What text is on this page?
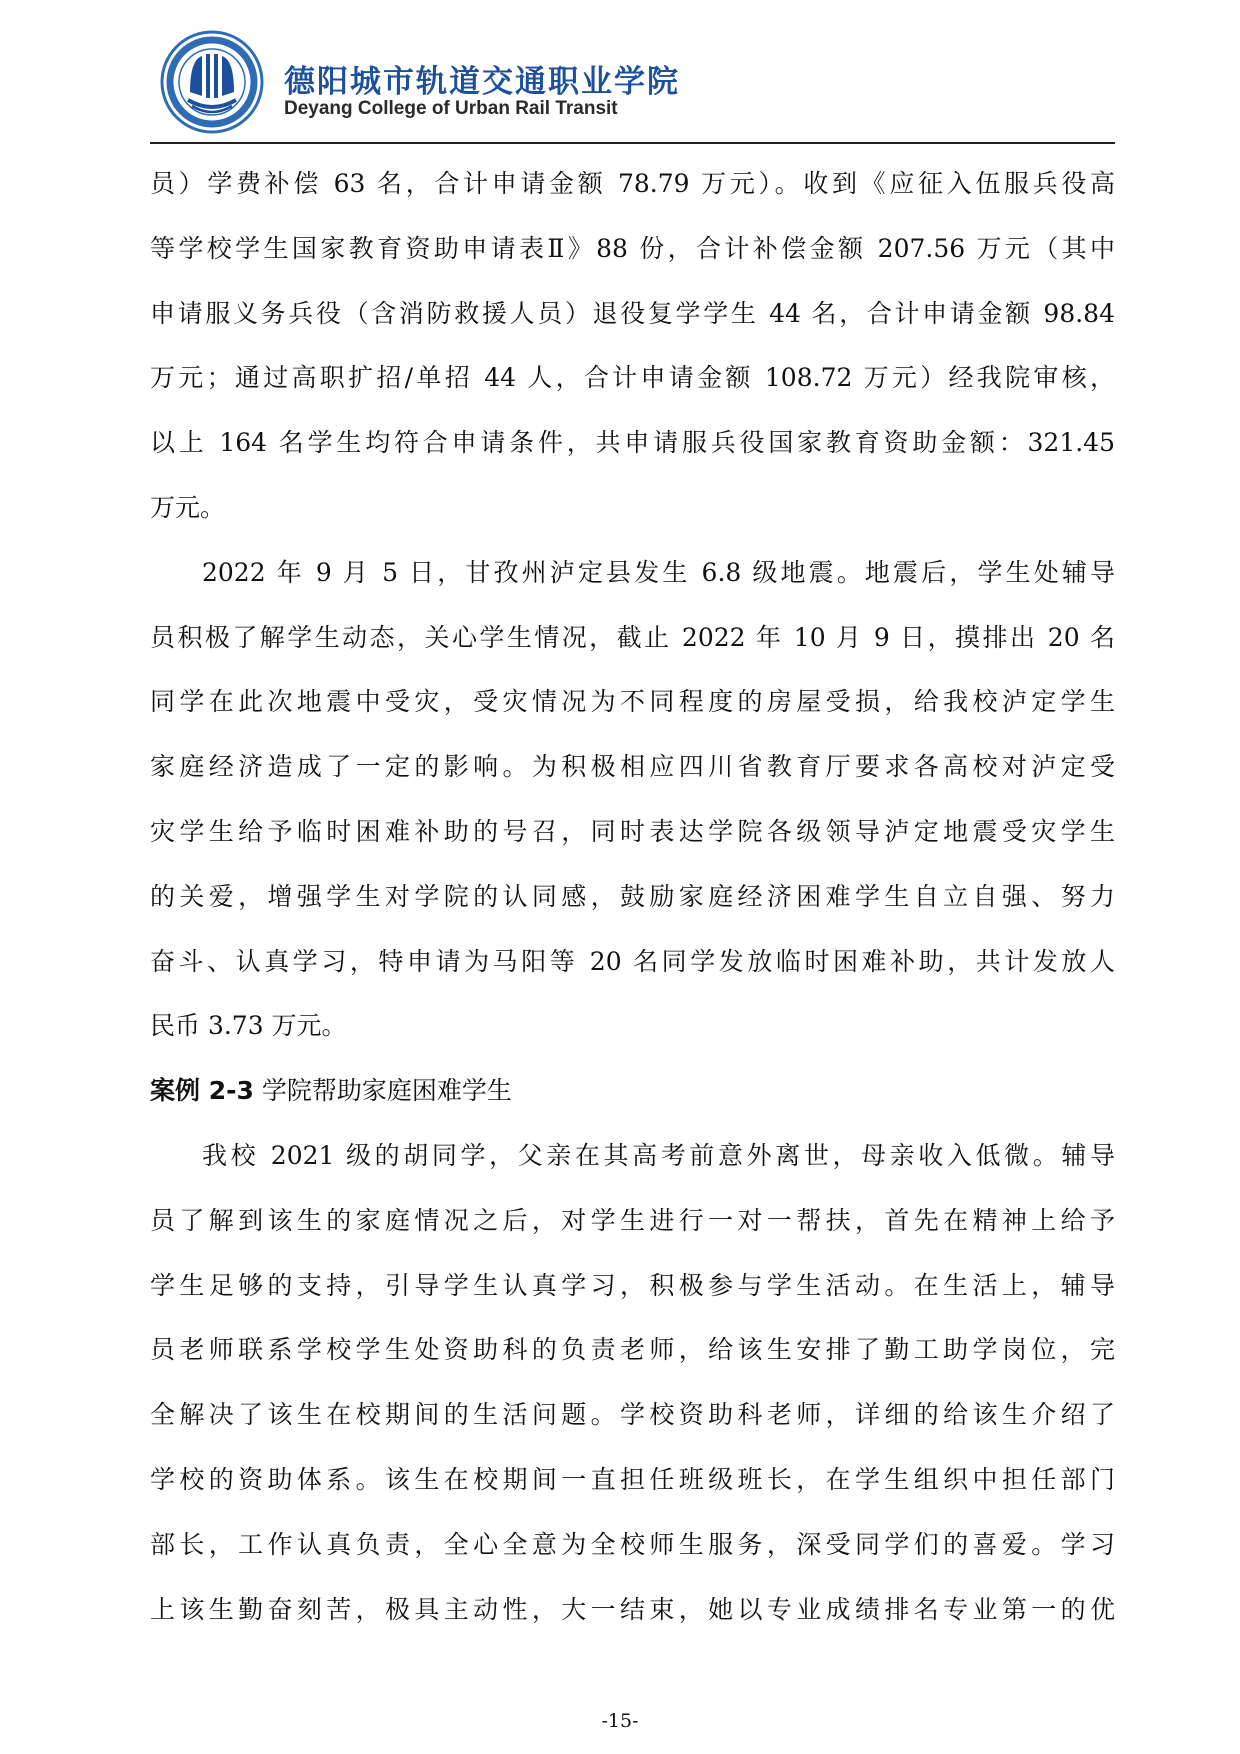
德阳城市轨道交通职业学院
Deyang College of Urban Rail Transit
员）学费补偿 63 名，合计申请金额 78.79 万元）。收到《应征入伍服兵役高
等学校学生国家教育资助申请表Ⅱ》88 份，合计补偿金额 207.56 万元（其中
申请服义务兵役（含消防救援人员）退役复学学生 44 名，合计申请金额 98.84
万元；通过高职扩招/单招 44 人，合计申请金额 108.72 万元）经我院审核，
以上 164 名学生均符合申请条件，共申请服兵役国家教育资助金额：321.45
万元。
2022 年 9 月 5 日，甘孜州泸定县发生 6.8 级地震。地震后，学生处辅导
员积极了解学生动态，关心学生情况，截止 2022 年 10 月 9 日，摸排出 20 名
同学在此次地震中受灾，受灾情况为不同程度的房屋受损，给我校泸定学生
家庭经济造成了一定的影响。为积极相应四川省教育厅要求各高校对泸定受
灾学生给予临时困难补助的号召，同时表达学院各级领导泸定地震受灾学生
的关爱，增强学生对学院的认同感，鼓励家庭经济困难学生自立自强、努力
奋斗、认真学习，特申请为马阳等 20 名同学发放临时困难补助，共计发放人
民币 3.73 万元。
案例 2-3 学院帮助家庭困难学生
我校 2021 级的胡同学，父亲在其高考前意外离世，母亲收入低微。辅导
员了解到该生的家庭情况之后，对学生进行一对一帮扶，首先在精神上给予
学生足够的支持，引导学生认真学习，积极参与学生活动。在生活上，辅导
员老师联系学校学生处资助科的负责老师，给该生安排了勤工助学岗位，完
全解决了该生在校期间的生活问题。学校资助科老师，详细的给该生介绍了
学校的资助体系。该生在校期间一直担任班级班长，在学生组织中担任部门
部长，工作认真负责，全心全意为全校师生服务，深受同学们的喜爱。学习
上该生勤奋刻苦，极具主动性，大一结束，她以专业成绩排名专业第一的优
-15-
